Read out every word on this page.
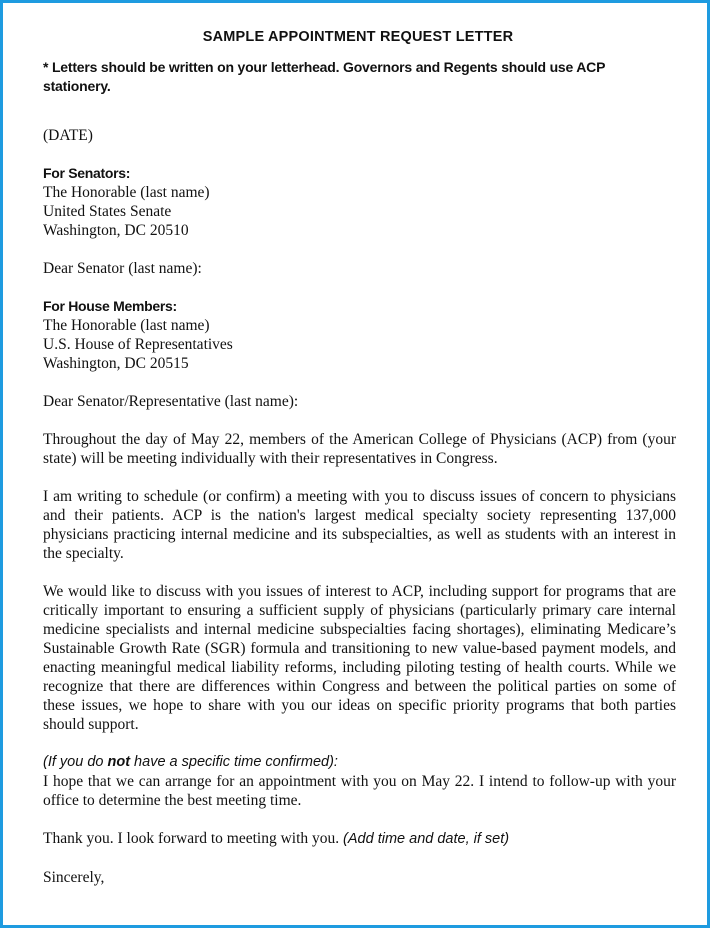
SAMPLE APPOINTMENT REQUEST LETTER
* Letters should be written on your letterhead. Governors and Regents should use ACP stationery.
(DATE)
For Senators:
The Honorable (last name)
United States Senate
Washington, DC 20510
Dear Senator (last name):
For House Members:
The Honorable (last name)
U.S. House of Representatives
Washington, DC 20515
Dear Senator/Representative (last name):
Throughout the day of May 22, members of the American College of Physicians (ACP) from (your state) will be meeting individually with their representatives in Congress.
I am writing to schedule (or confirm) a meeting with you to discuss issues of concern to physicians and their patients. ACP is the nation's largest medical specialty society representing 137,000 physicians practicing internal medicine and its subspecialties, as well as students with an interest in the specialty.
We would like to discuss with you issues of interest to ACP, including support for programs that are critically important to ensuring a sufficient supply of physicians (particularly primary care internal medicine specialists and internal medicine subspecialties facing shortages), eliminating Medicare’s Sustainable Growth Rate (SGR) formula and transitioning to new value-based payment models, and enacting meaningful medical liability reforms, including piloting testing of health courts. While we recognize that there are differences within Congress and between the political parties on some of these issues, we hope to share with you our ideas on specific priority programs that both parties should support.
(If you do not have a specific time confirmed):
I hope that we can arrange for an appointment with you on May 22. I intend to follow-up with your office to determine the best meeting time.
Thank you. I look forward to meeting with you. (Add time and date, if set)
Sincerely,
